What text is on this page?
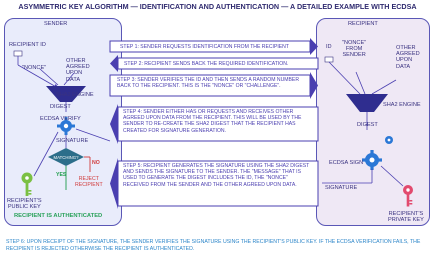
ASYMMETRIC KEY ALGORITHM — IDENTIFICATION AND AUTHENTICATION — A DETAILED EXAMPLE WITH ECDSA
SENDER	RECIPIENT
RECIPIENT ID
"NONCE"
OTHER
AGREED
UPON
DATA
SHA2 ENGINE
DIGEST
ECDSA VERIFY
SIGNATURE
MATCHING?
YES
NO
REJECT
RECIPIENT
RECIPIENT'S
PUBLIC KEY
RECIPIENT IS AUTHENTICATED
ID
"NONCE"
FROM
SENDER
OTHER
AGREED
UPON
DATA
SHA2 ENGINE
DIGEST
ECDSA SIGN
SIGNATURE
RECIPIENT'S
PRIVATE KEY
STEP 1: SENDER REQUESTS IDENTIFICATION FROM THE RECIPIENT
STEP 2: RECIPIENT SENDS BACK THE REQUIRED IDENTIFICATION.
STEP 3: SENDER VERIFIES THE ID AND THEN SENDS A RANDOM NUMBER BACK TO THE RECIPIENT. THIS IS THE "NONCE" OR "CHALLENGE".
STEP 4: SENDER EITHER HAS OR REQUESTS AND RECEIVES OTHER AGREED UPON DATA FROM THE RECIPIENT. THIS WILL BE USED BY THE SENDER TO RE-CREATE THE SHA2 DIGEST THAT THE RECIPIENT HAS CREATED FOR SIGNATURE GENERATION.
STEP 5: RECIPIENT GENERATES THE SIGNATURE USING THE SHA2 DIGEST AND SENDS THE SIGNATURE TO THE SENDER. THE "MESSAGE" THAT IS USED TO GENERATE THE DIGEST INCLUDES THE ID, THE "NONCE" RECEIVED FROM THE SENDER AND THE OTHER AGREED UPON DATA.
STEP 6: UPON RECEIPT OF THE SIGNATURE, THE SENDER VERIFIES THE SIGNATURE USING THE RECIPIENT'S PUBLIC KEY. IF THE ECDSA VERIFICATION FAILS, THE RECIPIENT IS REJECTED OTHERWISE THE RECIPIENT IS AUTHENTICATED.
